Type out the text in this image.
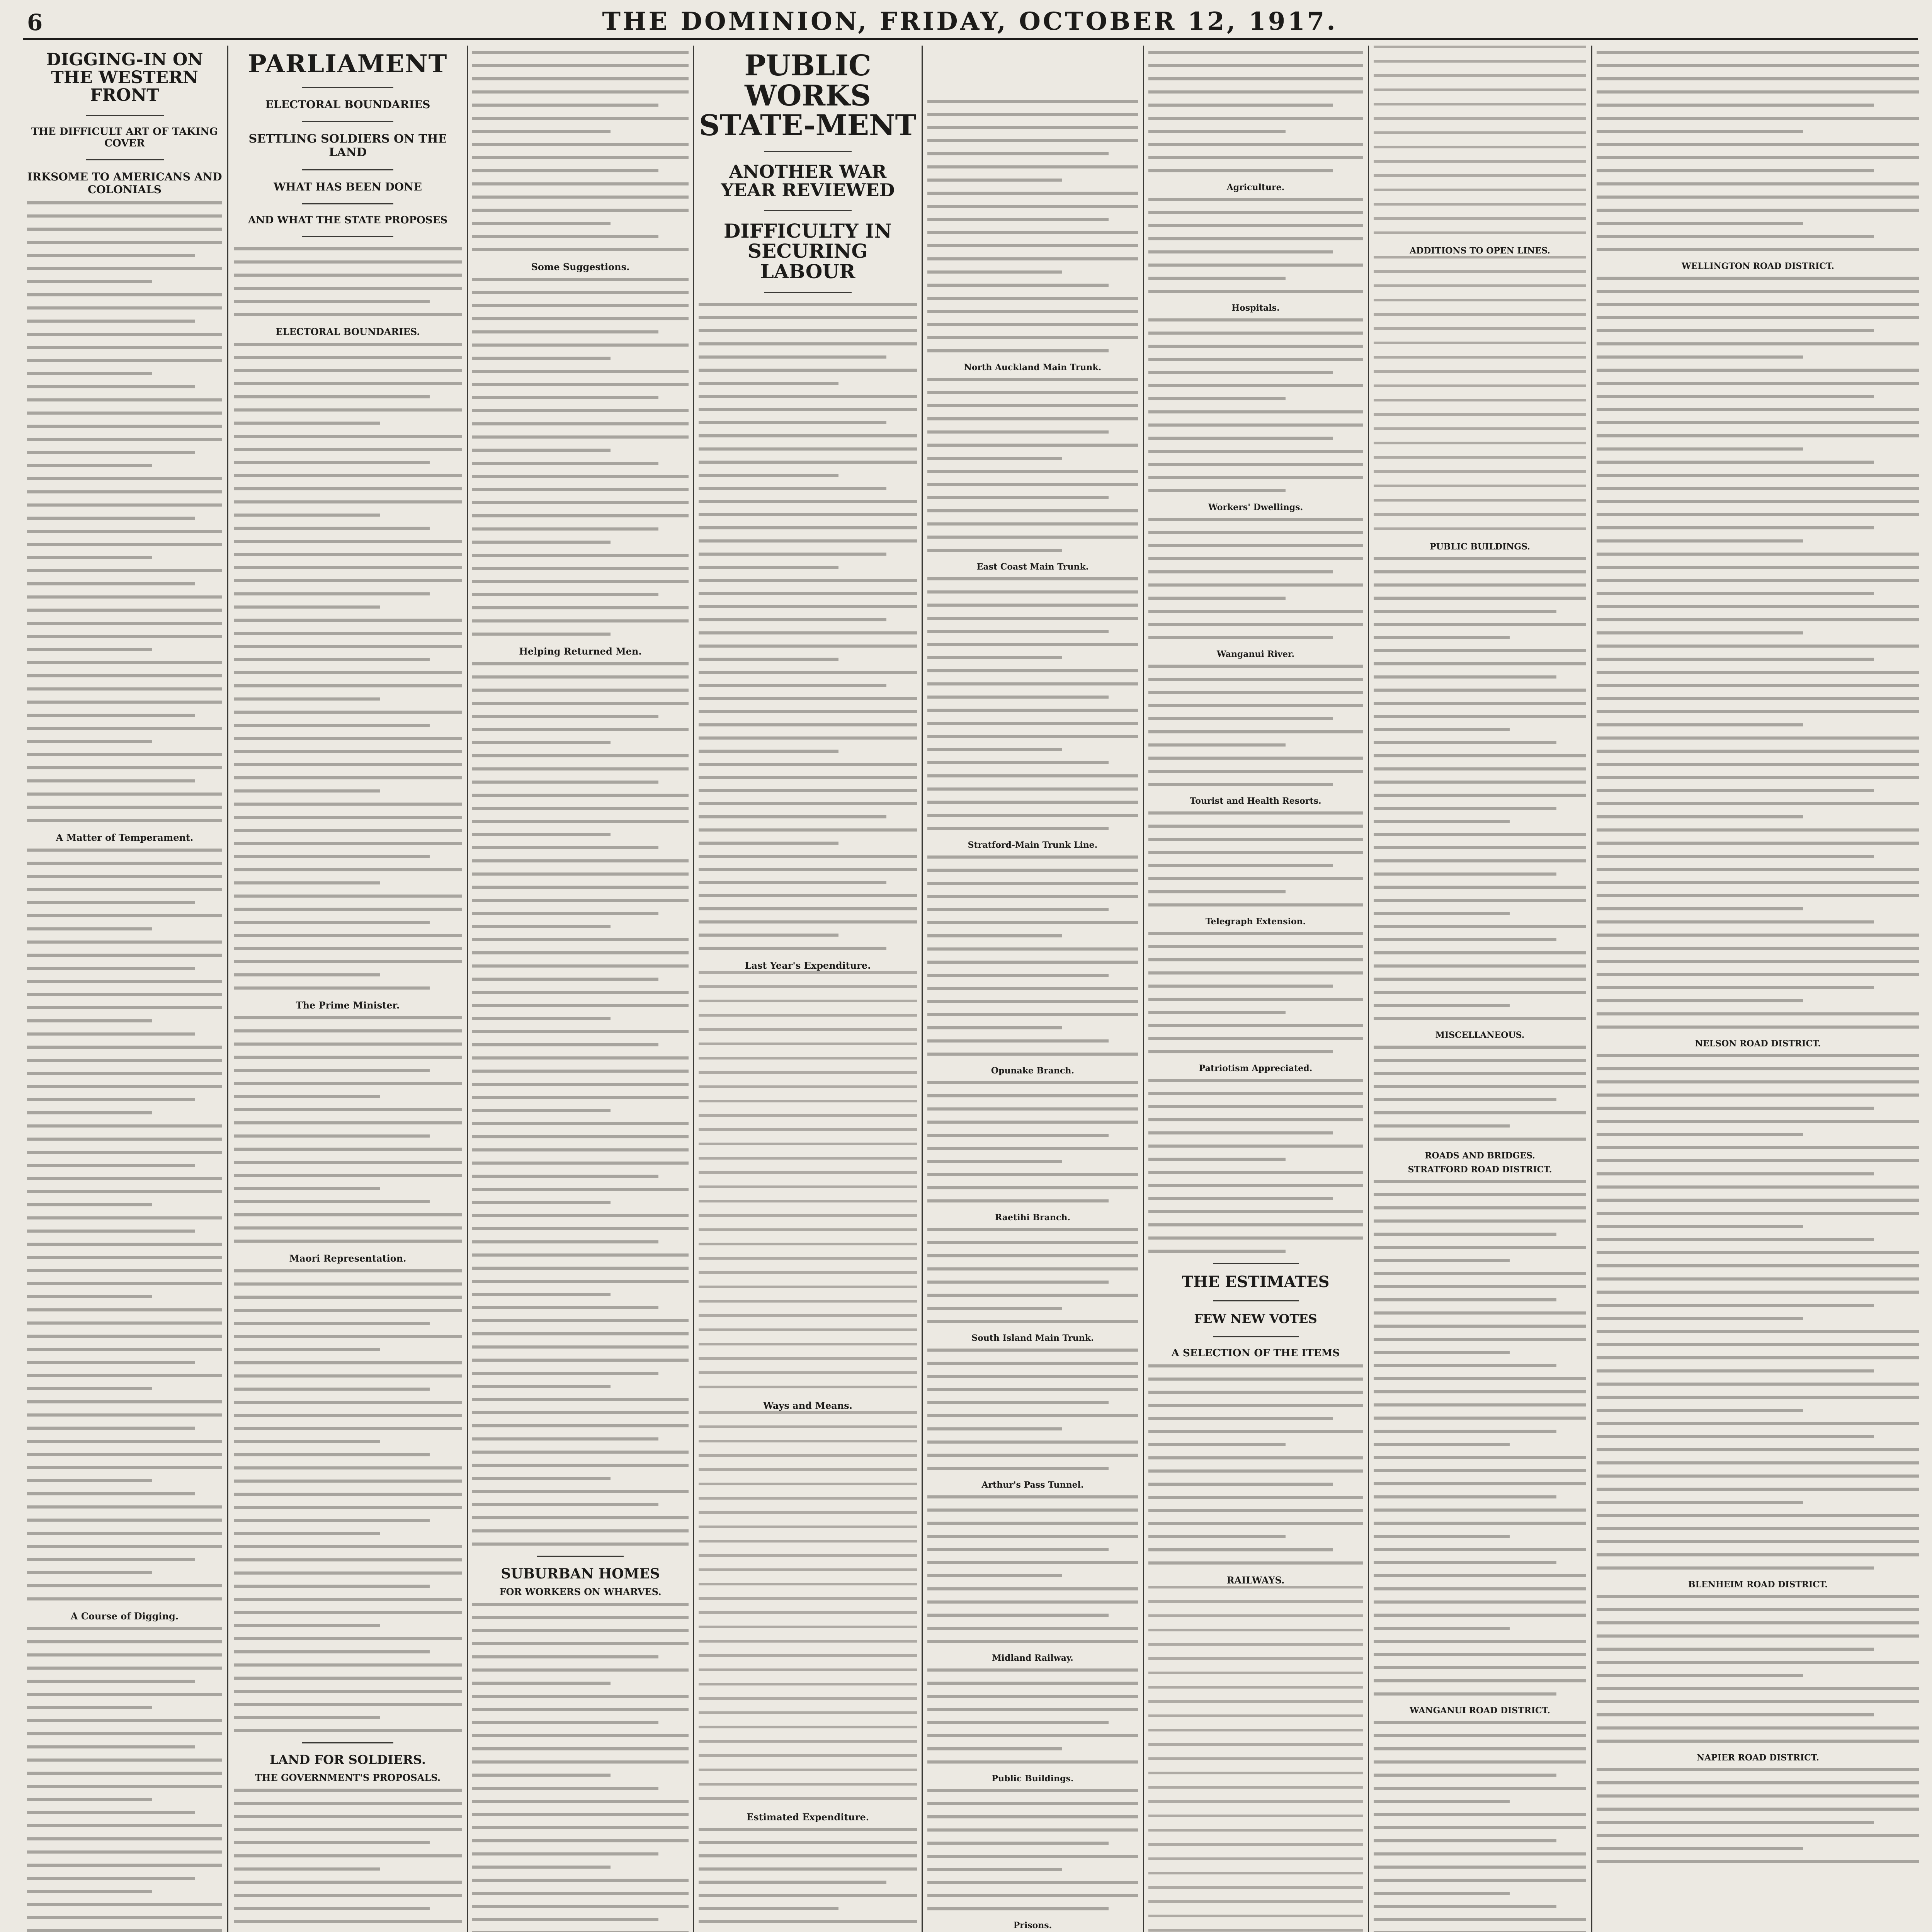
6	THE DOMINION, FRIDAY, OCTOBER 12, 1917.
DIGGING-IN ON THE WESTERN FRONT

THE DIFFICULT ART OF TAKING COVER

IRKSOME TO AMERICANS AND COLONIALS

A Matter of Temperament.

A Course of Digging.

PARLIAMENT

ELECTORAL BOUNDARIES

SETTLING SOLDIERS ON THE LAND

WHAT HAS BEEN DONE

AND WHAT THE STATE PROPOSES

ELECTORAL BOUNDARIES.

The Prime Minister.

Maori Representation.

LAND FOR SOLDIERS.

THE GOVERNMENT'S PROPOSALS.

Some Suggestions.

Helping Returned Men.

SUBURBAN HOMES

FOR WORKERS ON WHARVES.

PUBLIC WORKS STATE-MENT
ANOTHER WAR YEAR REVIEWED
DIFFICULTY IN SECURING LABOUR

Last Year's Expenditure.

Ways and Means.

Estimated Expenditure.

North Auckland Main Trunk.

East Coast Main Trunk.

Stratford-Main Trunk Line.

Opunake Branch.

Raetihi Branch.

South Island Main Trunk.

Arthur's Pass Tunnel.

Midland Railway.

Public Buildings.

Prisons.

Agriculture.

Hospitals.

Workers' Dwellings.

Wanganui River.

Tourist and Health Resorts.

Telegraph Extension.

Patriotism Appreciated.

THE ESTIMATES

FEW NEW VOTES

A SELECTION OF THE ITEMS

RAILWAYS.

ADDITIONS TO OPEN LINES.

PUBLIC BUILDINGS.

MISCELLANEOUS.

ROADS AND BRIDGES.

STRATFORD ROAD DISTRICT.

WANGANUI ROAD DISTRICT.

WELLINGTON ROAD DISTRICT.

NELSON ROAD DISTRICT.

BLENHEIM ROAD DISTRICT.

NAPIER ROAD DISTRICT.
